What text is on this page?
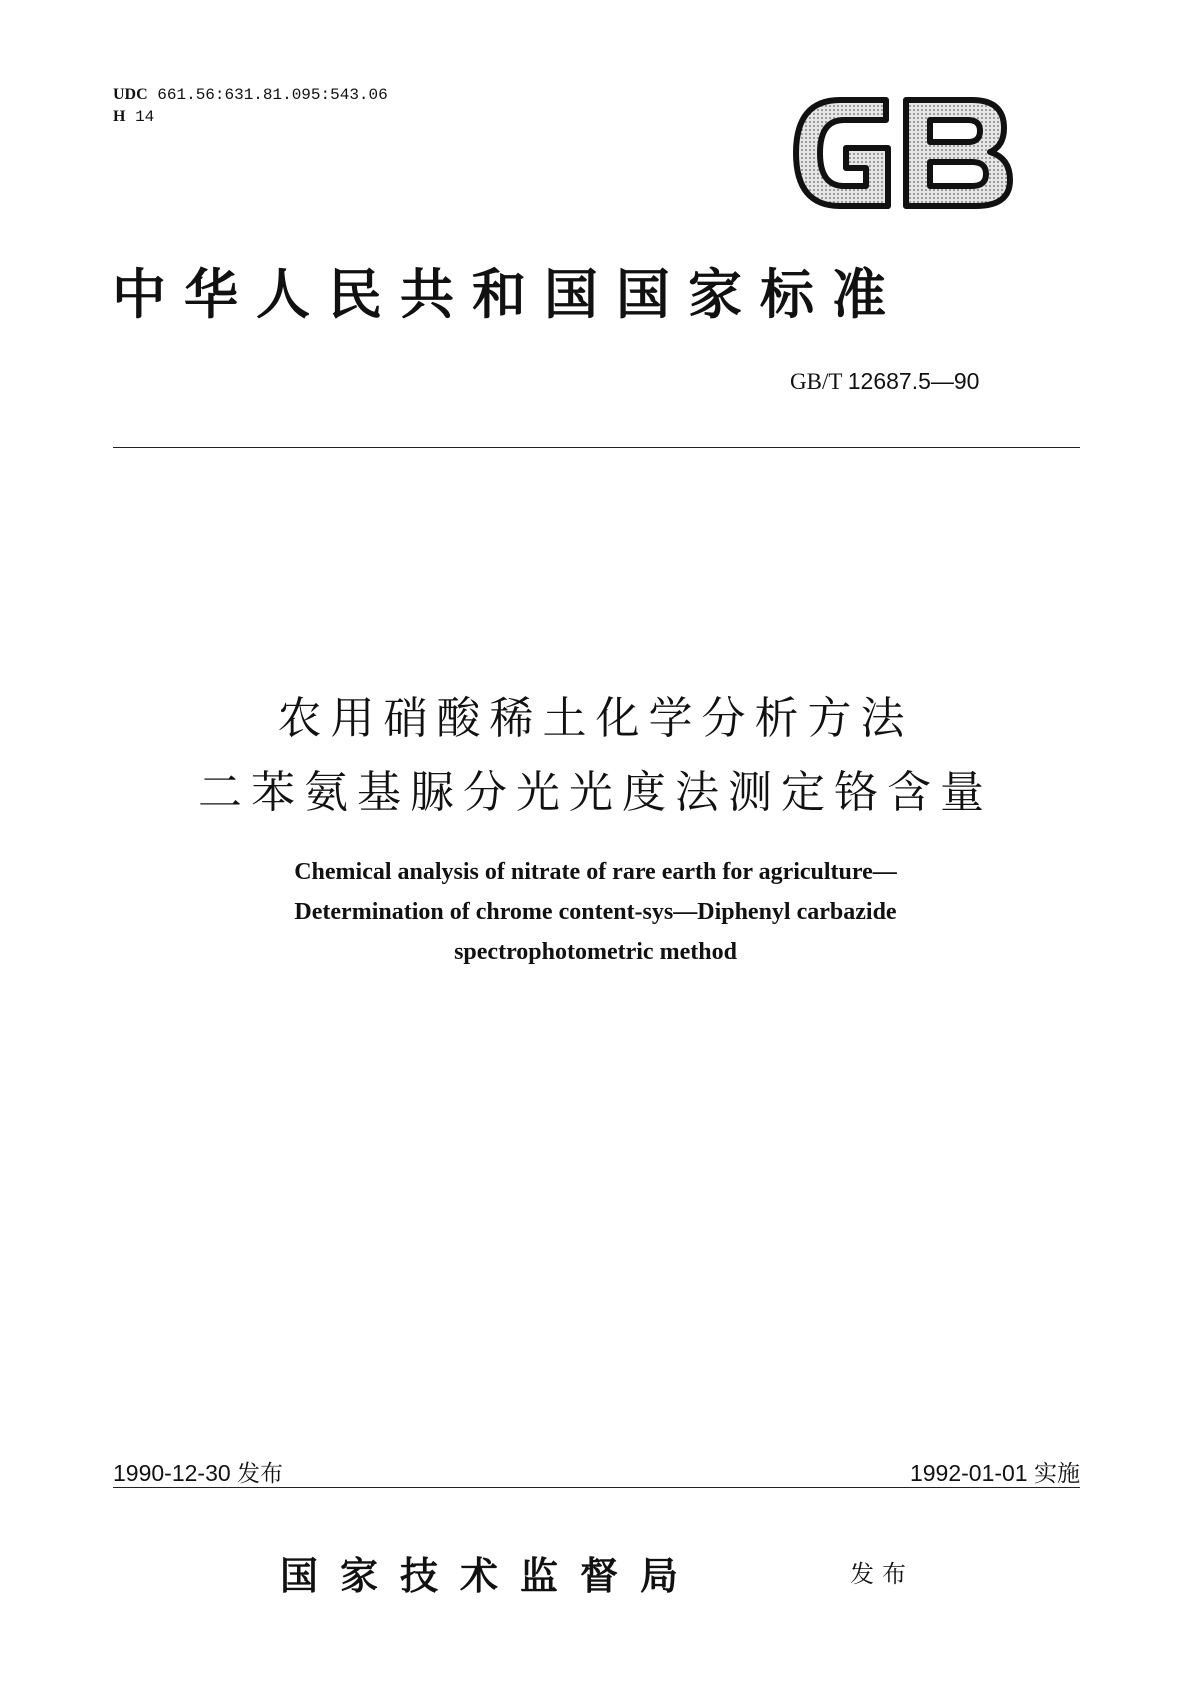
UDC 661.56:631.81.095:543.06
H 14
中华人民共和国国家标准
GB/T 12687.5—90
农用硝酸稀土化学分析方法
二苯氨基脲分光光度法测定铬含量
Chemical analysis of nitrate of rare earth for agriculture—
Determination of chrome content-sys—Diphenyl carbazide
spectrophotometric method
1990-12-30 发布	1992-01-01 实施
国家技术监督局	发布
